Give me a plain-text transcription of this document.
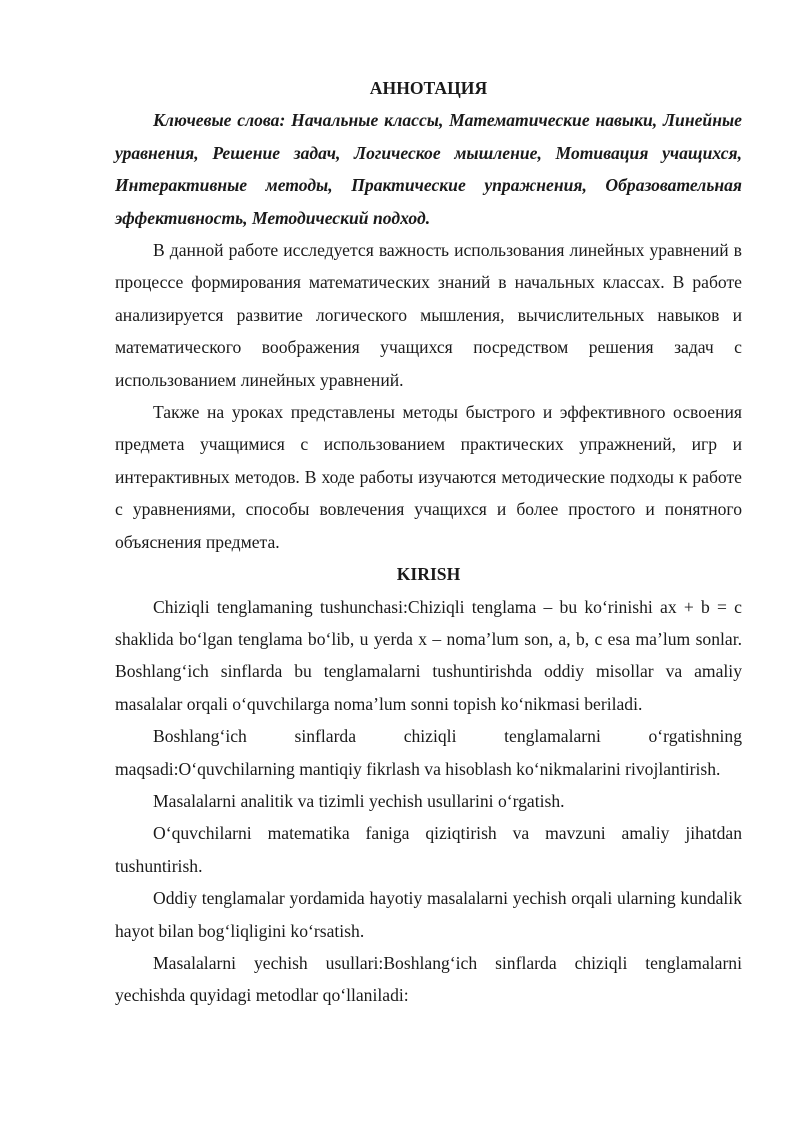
АННОТАЦИЯ

Ключевые слова: Начальные классы, Математические навыки, Линейные уравнения, Решение задач, Логическое мышление, Мотивация учащихся, Интерактивные методы, Практические упражнения, Образовательная эффективность, Методический подход.

В данной работе исследуется важность использования линейных уравнений в процессе формирования математических знаний в начальных классах. В работе анализируется развитие логического мышления, вычислительных навыков и математического воображения учащихся посредством решения задач с использованием линейных уравнений.

Также на уроках представлены методы быстрого и эффективного освоения предмета учащимися с использованием практических упражнений, игр и интерактивных методов. В ходе работы изучаются методические подходы к работе с уравнениями, способы вовлечения учащихся и более простого и понятного объяснения предмета.

KIRISH

Chiziqli tenglamaning tushunchasi:Chiziqli tenglama – bu ko‘rinishi ax + b = c shaklida bo‘lgan tenglama bo‘lib, u yerda x – noma’lum son, a, b, c esa ma’lum sonlar. Boshlang‘ich sinflarda bu tenglamalarni tushuntirishda oddiy misollar va amaliy masalalar orqali o‘quvchilarga noma’lum sonni topish ko‘nikmasi beriladi.

Boshlang‘ich sinflarda chiziqli tenglamalarni o‘rgatishning maqsadi:O‘quvchilarning mantiqiy fikrlash va hisoblash ko‘nikmalarini rivojlantirish.

Masalalarni analitik va tizimli yechish usullarini o‘rgatish.

O‘quvchilarni matematika faniga qiziqtirish va mavzuni amaliy jihatdan tushuntirish.

Oddiy tenglamalar yordamida hayotiy masalalarni yechish orqali ularning kundalik hayot bilan bog‘liqligini ko‘rsatish.

Masalalarni yechish usullari:Boshlang‘ich sinflarda chiziqli tenglamalarni yechishda quyidagi metodlar qo‘llaniladi:
